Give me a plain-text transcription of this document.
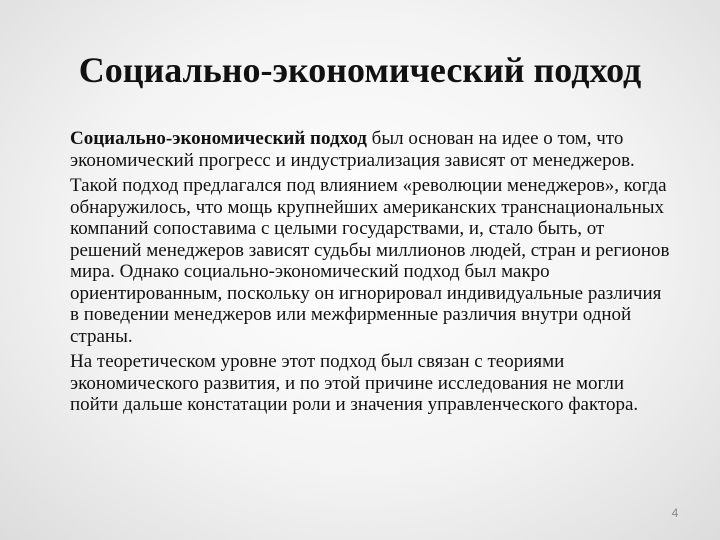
Социально-экономический подход

Социально-экономический подход был основан на идее о том, что экономический прогресс и индустриализация зависят от менеджеров.

Такой подход предлагался под влиянием «революции менеджеров», когда обнаружилось, что мощь крупнейших американских транснациональных компаний сопоставима с целыми государствами, и, стало быть, от решений менеджеров зависят судьбы миллионов людей, стран и регионов мира. Однако социально-экономический подход был макро ориентированным, поскольку он игнорировал индивидуальные различия в поведении менеджеров или межфирменные различия внутри одной страны.

На теоретическом уровне этот подход был связан с теориями экономического развития, и по этой причине исследования не могли пойти дальше констатации роли и значения управленческого фактора.

4
